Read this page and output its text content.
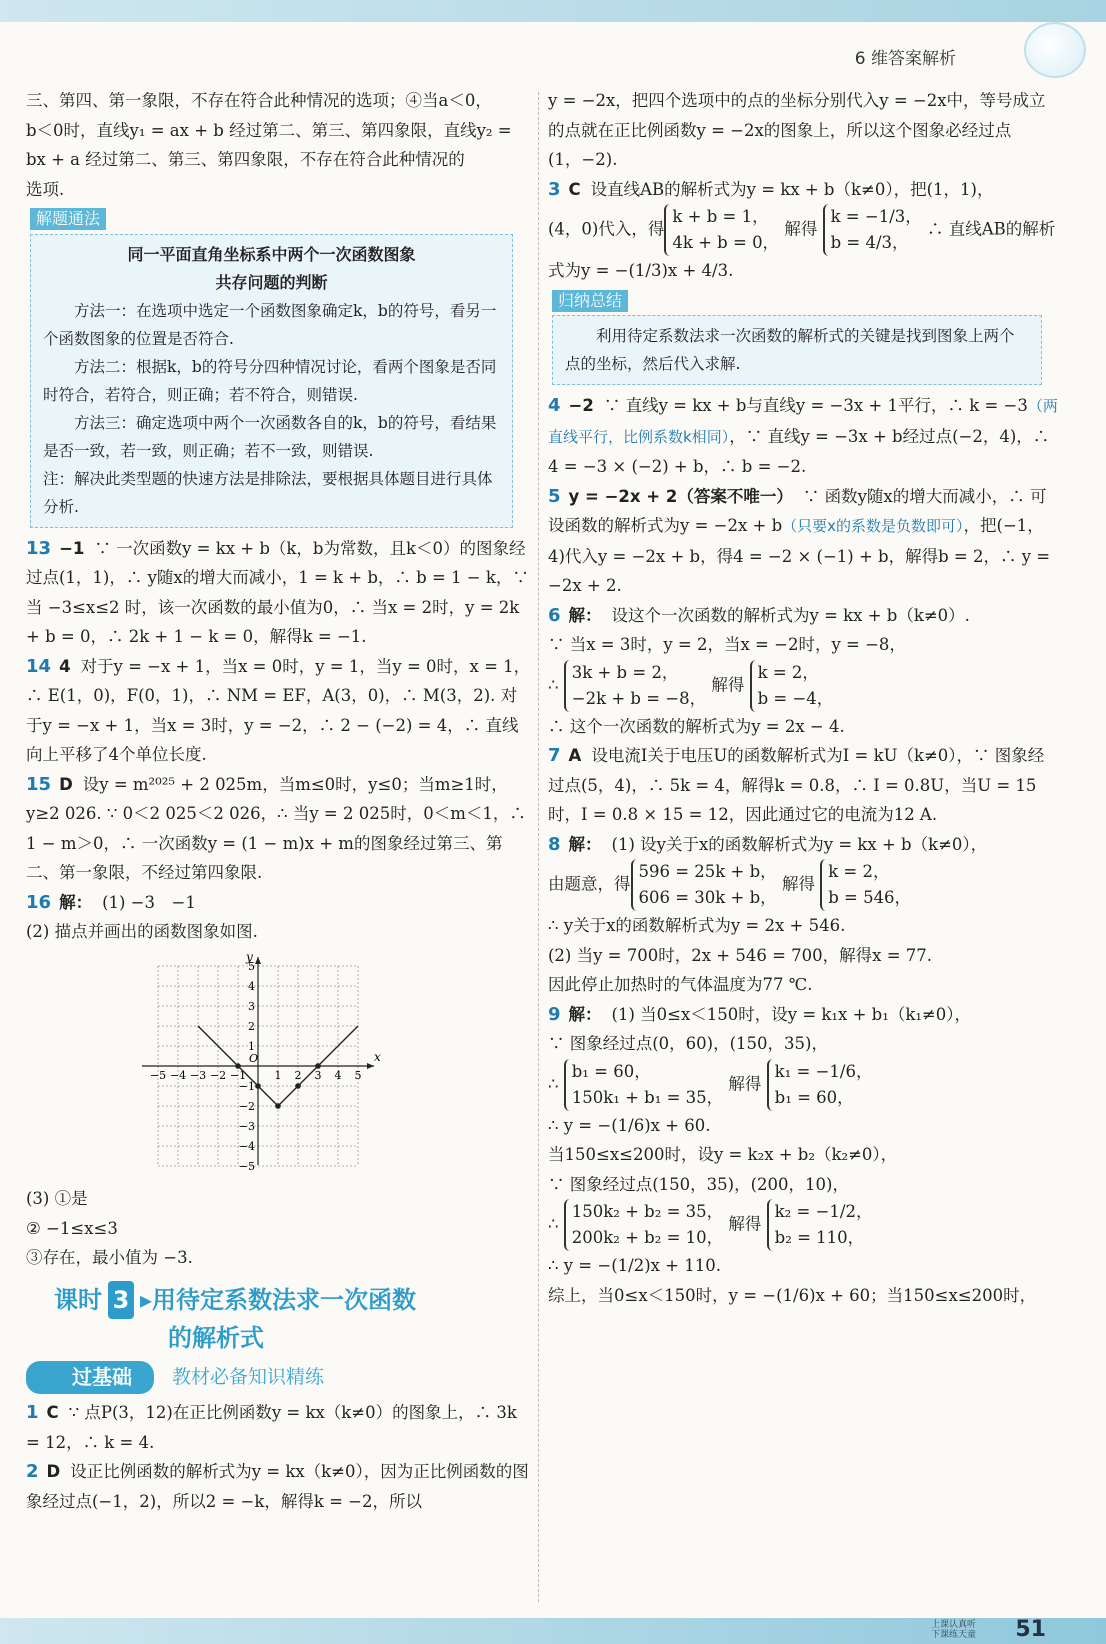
6 维答案解析

三、第四、第一象限，不存在符合此种情况的选项；④当a＜0，

b＜0时，直线y₁ = ax + b 经过第二、第三、第四象限，直线y₂ =

bx + a 经过第二、第三、第四象限，不存在符合此种情况的

选项.

解题通法
同一平面直角坐标系中两个一次函数图象
共存问题的判断

方法一：在选项中选定一个函数图象确定k，b的符号，看另一个函数图象的位置是否符合.

方法二：根据k，b的符号分四种情况讨论，看两个图象是否同时符合，若符合，则正确；若不符合，则错误.

方法三：确定选项中两个一次函数各自的k，b的符号，看结果是否一致，若一致，则正确；若不一致，则错误.

注：解决此类型题的快速方法是排除法，要根据具体题目进行具体分析.

13 −1 ∵ 一次函数y = kx + b（k，b为常数，且k＜0）的图象经过点(1，1)，∴ y随x的增大而减小，1 = k + b，∴ b = 1 − k，∵ 当 −3≤x≤2 时，该一次函数的最小值为0，∴ 当x = 2时，y = 2k + b = 0，∴ 2k + 1 − k = 0，解得k = −1.

14 4 对于y = −x + 1，当x = 0时，y = 1，当y = 0时，x = 1，∴ E(1，0)，F(0，1)，∴ NM = EF，A(3，0)，∴ M(3，2). 对于y = −x + 1，当x = 3时，y = −2，∴ 2 − (−2) = 4，∴ 直线向上平移了4个单位长度.

15 D 设y = m²⁰²⁵ + 2 025m，当m≤0时，y≤0；当m≥1时，y≥2 026. ∵ 0＜2 025＜2 026，∴ 当y = 2 025时，0＜m＜1，∴ 1 − m＞0，∴ 一次函数y = (1 − m)x + m的图象经过第三、第二、第一象限，不经过第四象限.

16 解： (1) −3　−1

(2) 描点并画出的函数图象如图.

x
y
O
−5 −4 −3 −2 −1	1 2 3 4 5
5
4
3
2
1
−1
−2
−3
−4
−5

(3) ①是

② −1≤x≤3

③存在，最小值为 −3.

课时 3 ▸用待定系数法求一次函数
的解析式
过基础	教材必备知识精练

1 C ∵ 点P(3，12)在正比例函数y = kx（k≠0）的图象上，∴ 3k = 12，∴ k = 4.

2 D 设正比例函数的解析式为y = kx（k≠0），因为正比例函数的图象经过点(−1，2)，所以2 = −k，解得k = −2，所以

y = −2x，把四个选项中的点的坐标分别代入y = −2x中，等号成立的点就在正比例函数y = −2x的图象上，所以这个图象必经过点(1，−2).

3 C 设直线AB的解析式为y = kx + b（k≠0），把(1，1)，

(4，0)代入，得k + b = 1，
4k + b = 0， 解得 k = −1/3，
b = 4/3， ∴ 直线AB的解析

式为y = −(1/3)x + 4/3.

归纳总结

利用待定系数法求一次函数的解析式的关键是找到图象上两个点的坐标，然后代入求解.

4 −2 ∵ 直线y = kx + b与直线y = −3x + 1平行，∴ k = −3（两直线平行，比例系数k相同），∵ 直线y = −3x + b经过点(−2，4)，∴ 4 = −3 × (−2) + b，∴ b = −2.

5 y = −2x + 2（答案不唯一） ∵ 函数y随x的增大而减小，∴ 可设函数的解析式为y = −2x + b（只要x的系数是负数即可），把(−1，4)代入y = −2x + b，得4 = −2 × (−1) + b，解得b = 2，∴ y = −2x + 2.

6 解： 设这个一次函数的解析式为y = kx + b（k≠0）.

∵ 当x = 3时，y = 2，当x = −2时，y = −8，

∴ 3k + b = 2，
−2k + b = −8， 解得 k = 2，
b = −4，

∴ 这个一次函数的解析式为y = 2x − 4.

7 A 设电流I关于电压U的函数解析式为I = kU（k≠0），∵ 图象经过点(5，4)，∴ 5k = 4，解得k = 0.8，∴ I = 0.8U，当U = 15时，I = 0.8 × 15 = 12，因此通过它的电流为12 A.

8 解： (1) 设y关于x的函数解析式为y = kx + b（k≠0），

由题意，得596 = 25k + b，
606 = 30k + b， 解得 k = 2，
b = 546，

∴ y关于x的函数解析式为y = 2x + 546.

(2) 当y = 700时，2x + 546 = 700，解得x = 77.

因此停止加热时的气体温度为77 ℃.

9 解： (1) 当0≤x＜150时，设y = k₁x + b₁（k₁≠0），

∵ 图象经过点(0，60)，(150，35)，

∴ b₁ = 60，
150k₁ + b₁ = 35， 解得 k₁ = −1/6，
b₁ = 60，

∴ y = −(1/6)x + 60.

当150≤x≤200时，设y = k₂x + b₂（k₂≠0），

∵ 图象经过点(150，35)，(200，10)，

∴ 150k₂ + b₂ = 35，
200k₂ + b₂ = 10， 解得 k₂ = −1/2，
b₂ = 110，

∴ y = −(1/2)x + 110.

综上，当0≤x＜150时，y = −(1/6)x + 60；当150≤x≤200时，

上课认真听
下课练天童 51
